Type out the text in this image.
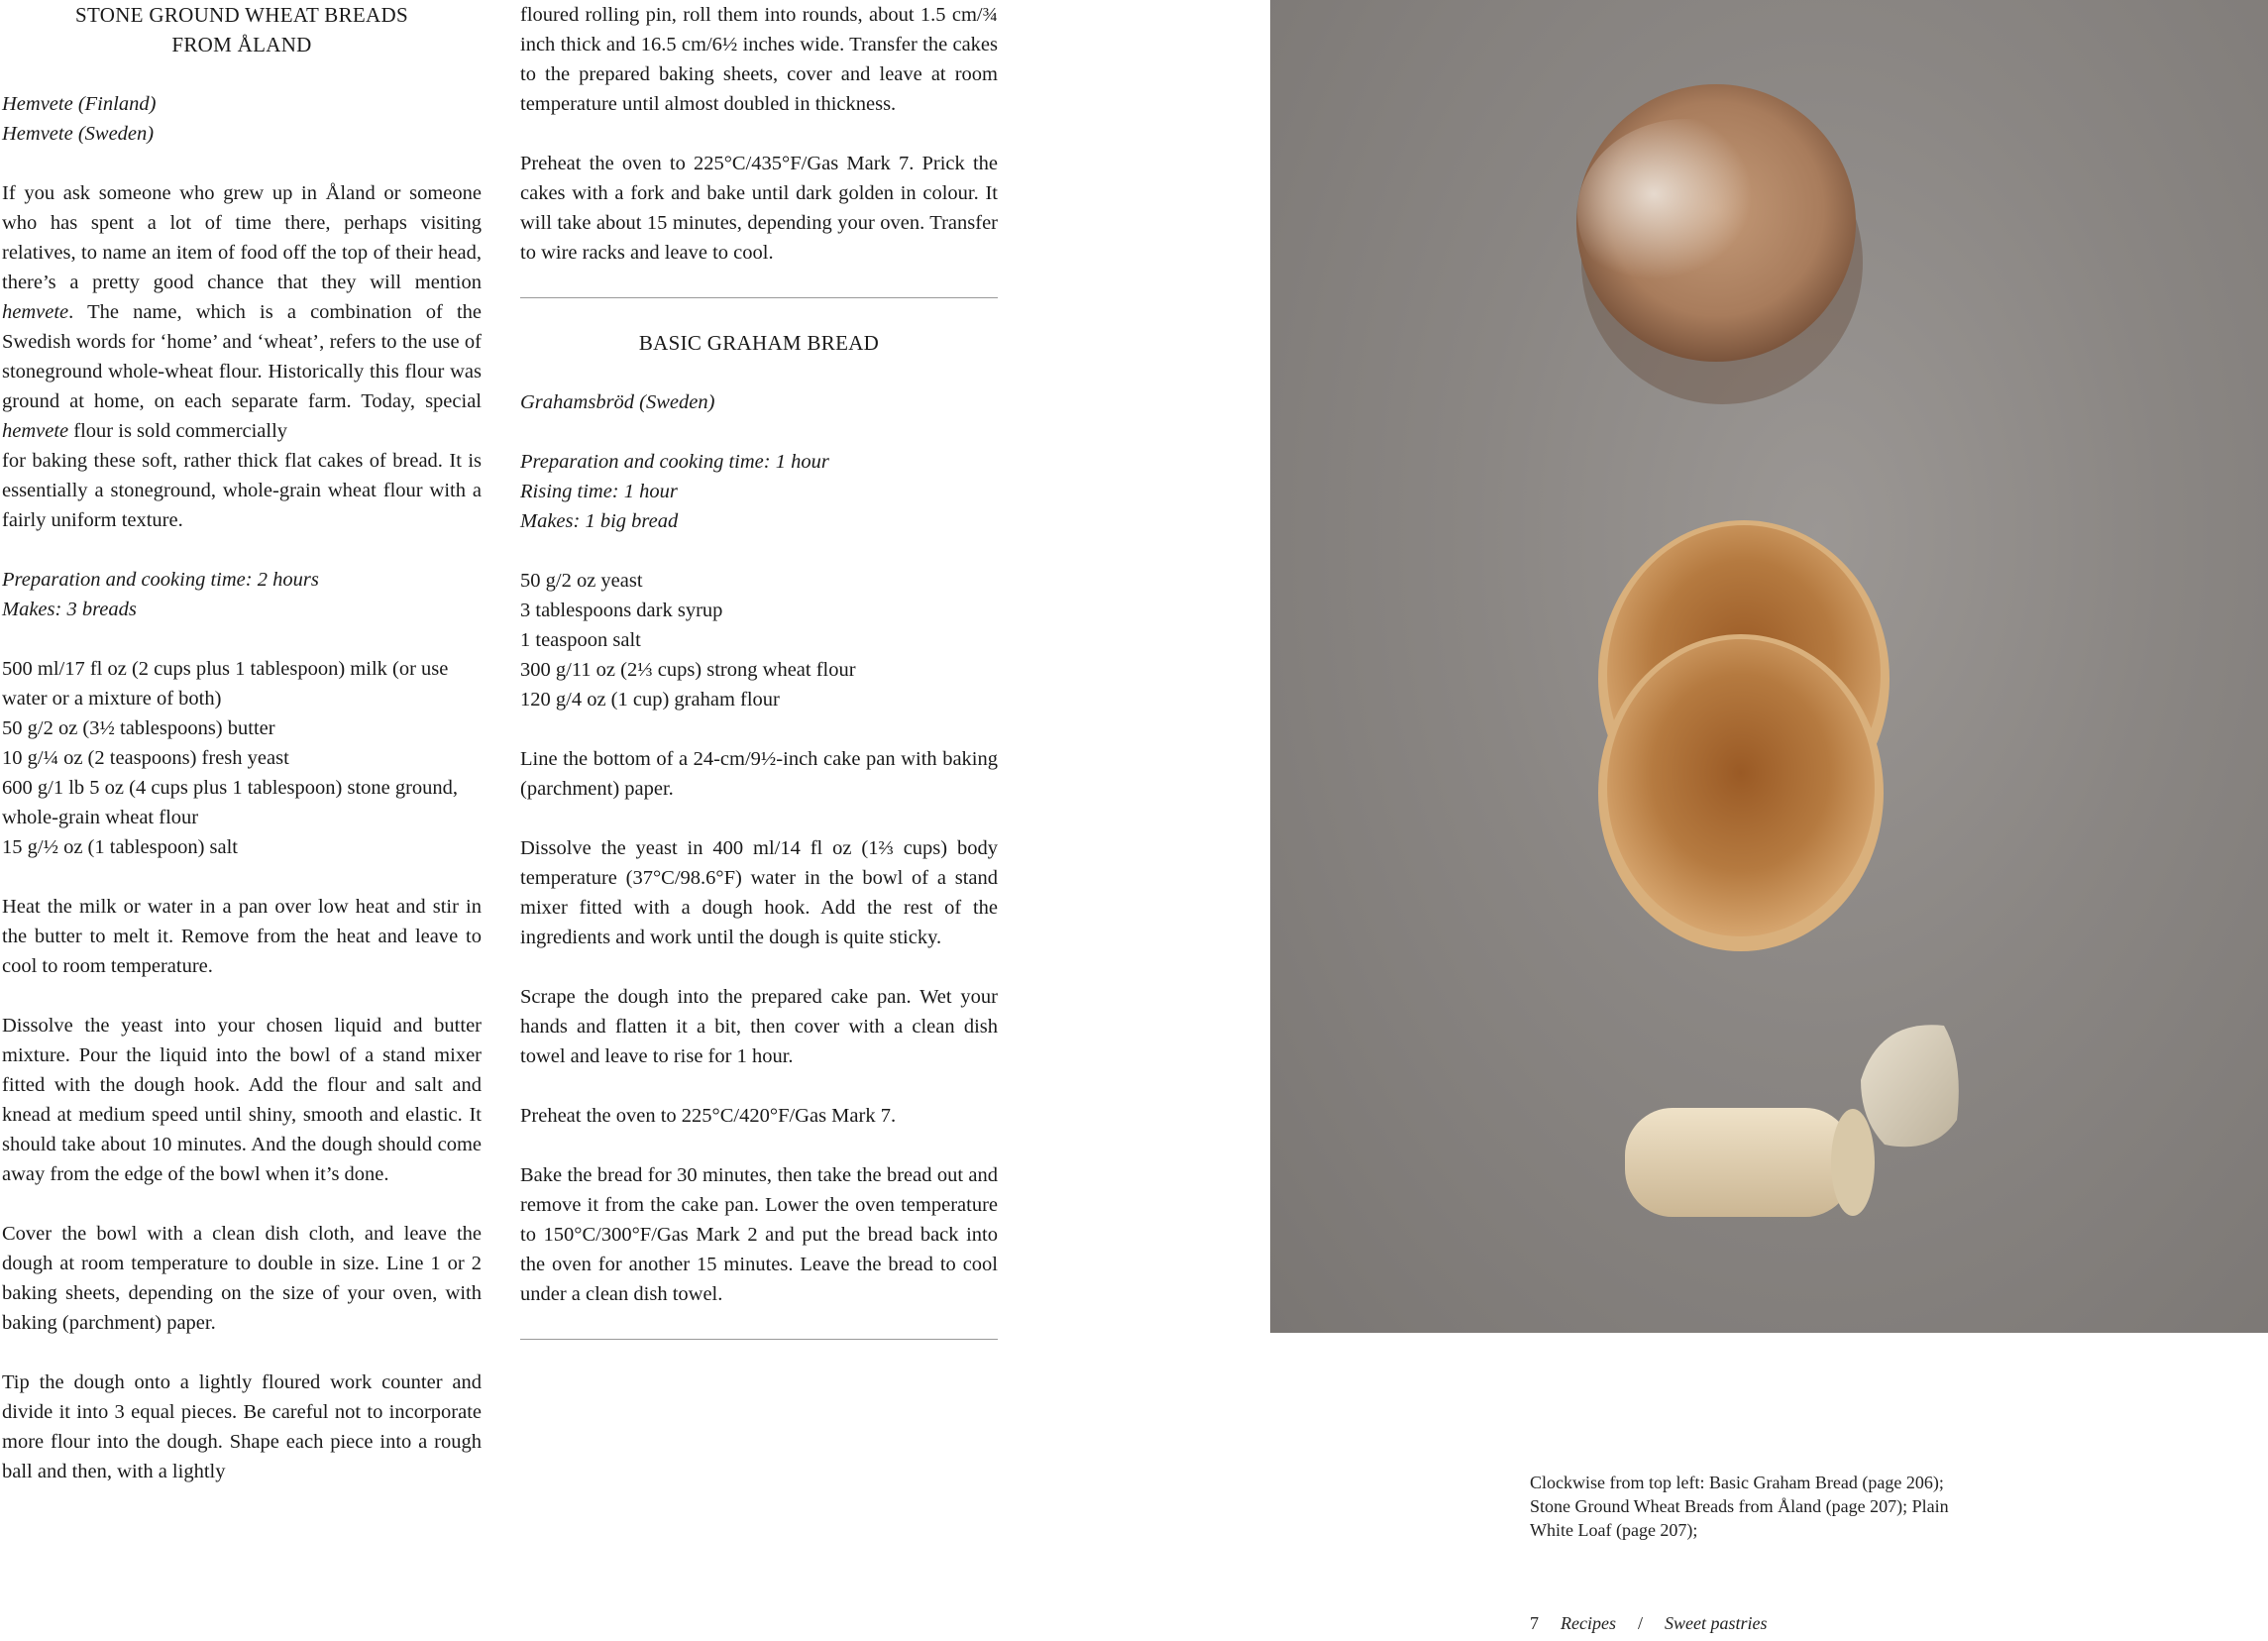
STONE GROUND WHEAT BREADS
FROM ÅLAND

Hemvete (Finland)
Hemvete (Sweden)

If you ask someone who grew up in Åland or someone who has spent a lot of time there, perhaps visiting relatives, to name an item of food off the top of their head, there’s a pretty good chance that they will mention hemvete. The name, which is a combination of the Swedish words for ‘home’ and ‘wheat’, refers to the use of stoneground whole-wheat flour. Historically this flour was ground at home, on each separate farm. Today, special hemvete flour is sold commercially
for baking these soft, rather thick flat cakes of bread. It is essentially a stoneground, whole-grain wheat flour with a fairly uniform texture.

Preparation and cooking time: 2 hours
Makes: 3 breads

500 ml/17 fl oz (2 cups plus 1 tablespoon) milk (or use water or a mixture of both)
50 g/2 oz (3½ tablespoons) butter
10 g/¼ oz (2 teaspoons) fresh yeast
600 g/1 lb 5 oz (4 cups plus 1 tablespoon) stone ground, whole-grain wheat flour
15 g/½ oz (1 tablespoon) salt

Heat the milk or water in a pan over low heat and stir in the butter to melt it. Remove from the heat and leave to cool to room temperature.

Dissolve the yeast into your chosen liquid and butter mixture. Pour the liquid into the bowl of a stand mixer fitted with the dough hook. Add the flour and salt and knead at medium speed until shiny, smooth and elastic. It should take about 10 minutes. And the dough should come away from the edge of the bowl when it’s done.

Cover the bowl with a clean dish cloth, and leave the dough at room temperature to double in size. Line 1 or 2 baking sheets, depending on the size of your oven, with baking (parchment) paper.

Tip the dough onto a lightly floured work counter and divide it into 3 equal pieces. Be careful not to incorporate more flour into the dough. Shape each piece into a rough ball and then, with a lightly

floured rolling pin, roll them into rounds, about 1.5 cm/¾ inch thick and 16.5 cm/6½ inches wide. Transfer the cakes to the prepared baking sheets, cover and leave at room temperature until almost doubled in thickness.

Preheat the oven to 225°C/435°F/Gas Mark 7. Prick the cakes with a fork and bake until dark golden in colour. It will take about 15 minutes, depending your oven. Transfer to wire racks and leave to cool.

BASIC GRAHAM BREAD

Grahamsbröd (Sweden)

Preparation and cooking time: 1 hour
Rising time: 1 hour
Makes: 1 big bread

50 g/2 oz yeast
3 tablespoons dark syrup
1 teaspoon salt
300 g/11 oz (2⅓ cups) strong wheat flour
120 g/4 oz (1 cup) graham flour

Line the bottom of a 24-cm/9½-inch cake pan with baking (parchment) paper.

Dissolve the yeast in 400 ml/14 fl oz (1⅔ cups) body temperature (37°C/98.6°F) water in the bowl of a stand mixer fitted with a dough hook. Add the rest of the ingredients and work until the dough is quite sticky.

Scrape the dough into the prepared cake pan. Wet your hands and flatten it a bit, then cover with a clean dish towel and leave to rise for 1 hour.

Preheat the oven to 225°C/420°F/Gas Mark 7.

Bake the bread for 30 minutes, then take the bread out and remove it from the cake pan. Lower the oven temperature to 150°C/300°F/Gas Mark 2 and put the bread back into the oven for another 15 minutes. Leave the bread to cool under a clean dish towel.

Clockwise from top left: Basic Graham Bread (page 206);
Stone Ground Wheat Breads from Åland (page 207); Plain
White Loaf (page 207);
7 Recipes / Sweet pastries
